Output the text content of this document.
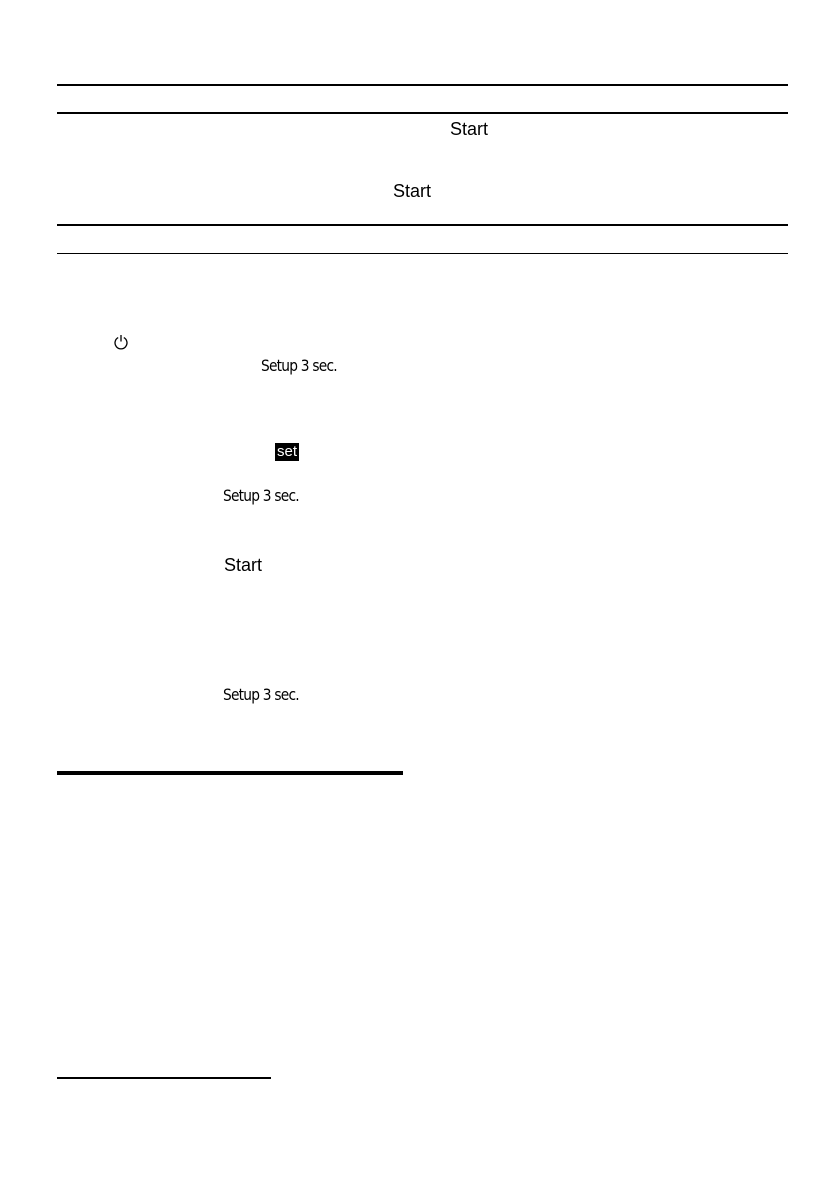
Start
Start
Setup 3 sec.
set
Setup 3 sec.
Start
Setup 3 sec.
